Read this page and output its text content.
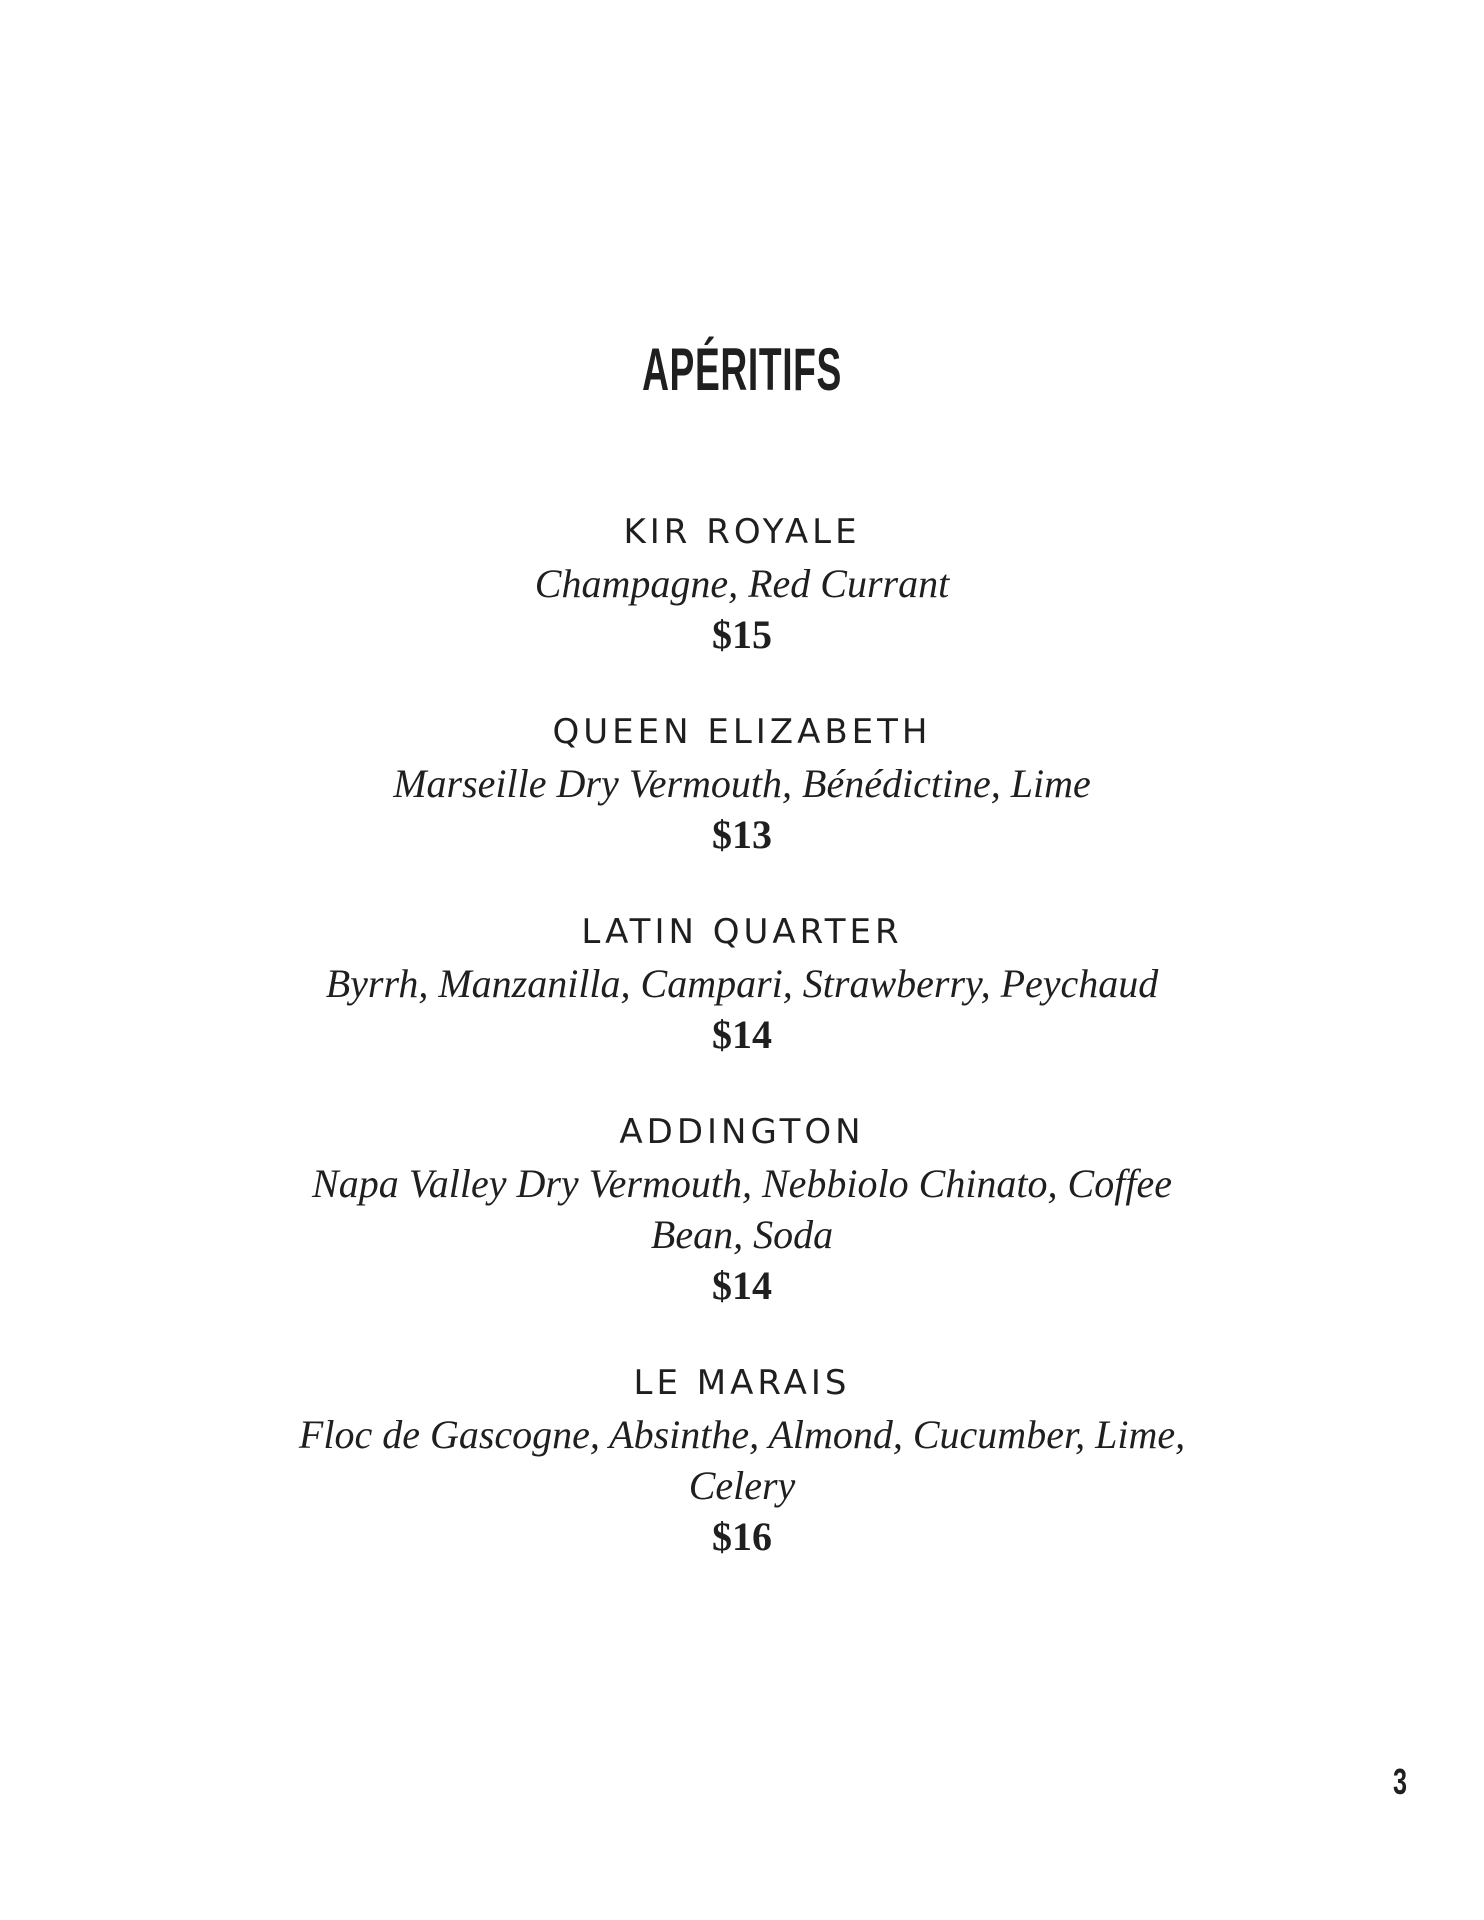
APÉRITIFS
KIR ROYALE
Champagne, Red Currant
$15
QUEEN ELIZABETH
Marseille Dry Vermouth, Bénédictine, Lime
$13
LATIN QUARTER
Byrrh, Manzanilla, Campari, Strawberry, Peychaud
$14
ADDINGTON
Napa Valley Dry Vermouth, Nebbiolo Chinato, Coffee Bean, Soda
$14
LE MARAIS
Floc de Gascogne, Absinthe, Almond, Cucumber, Lime, Celery
$16
3
